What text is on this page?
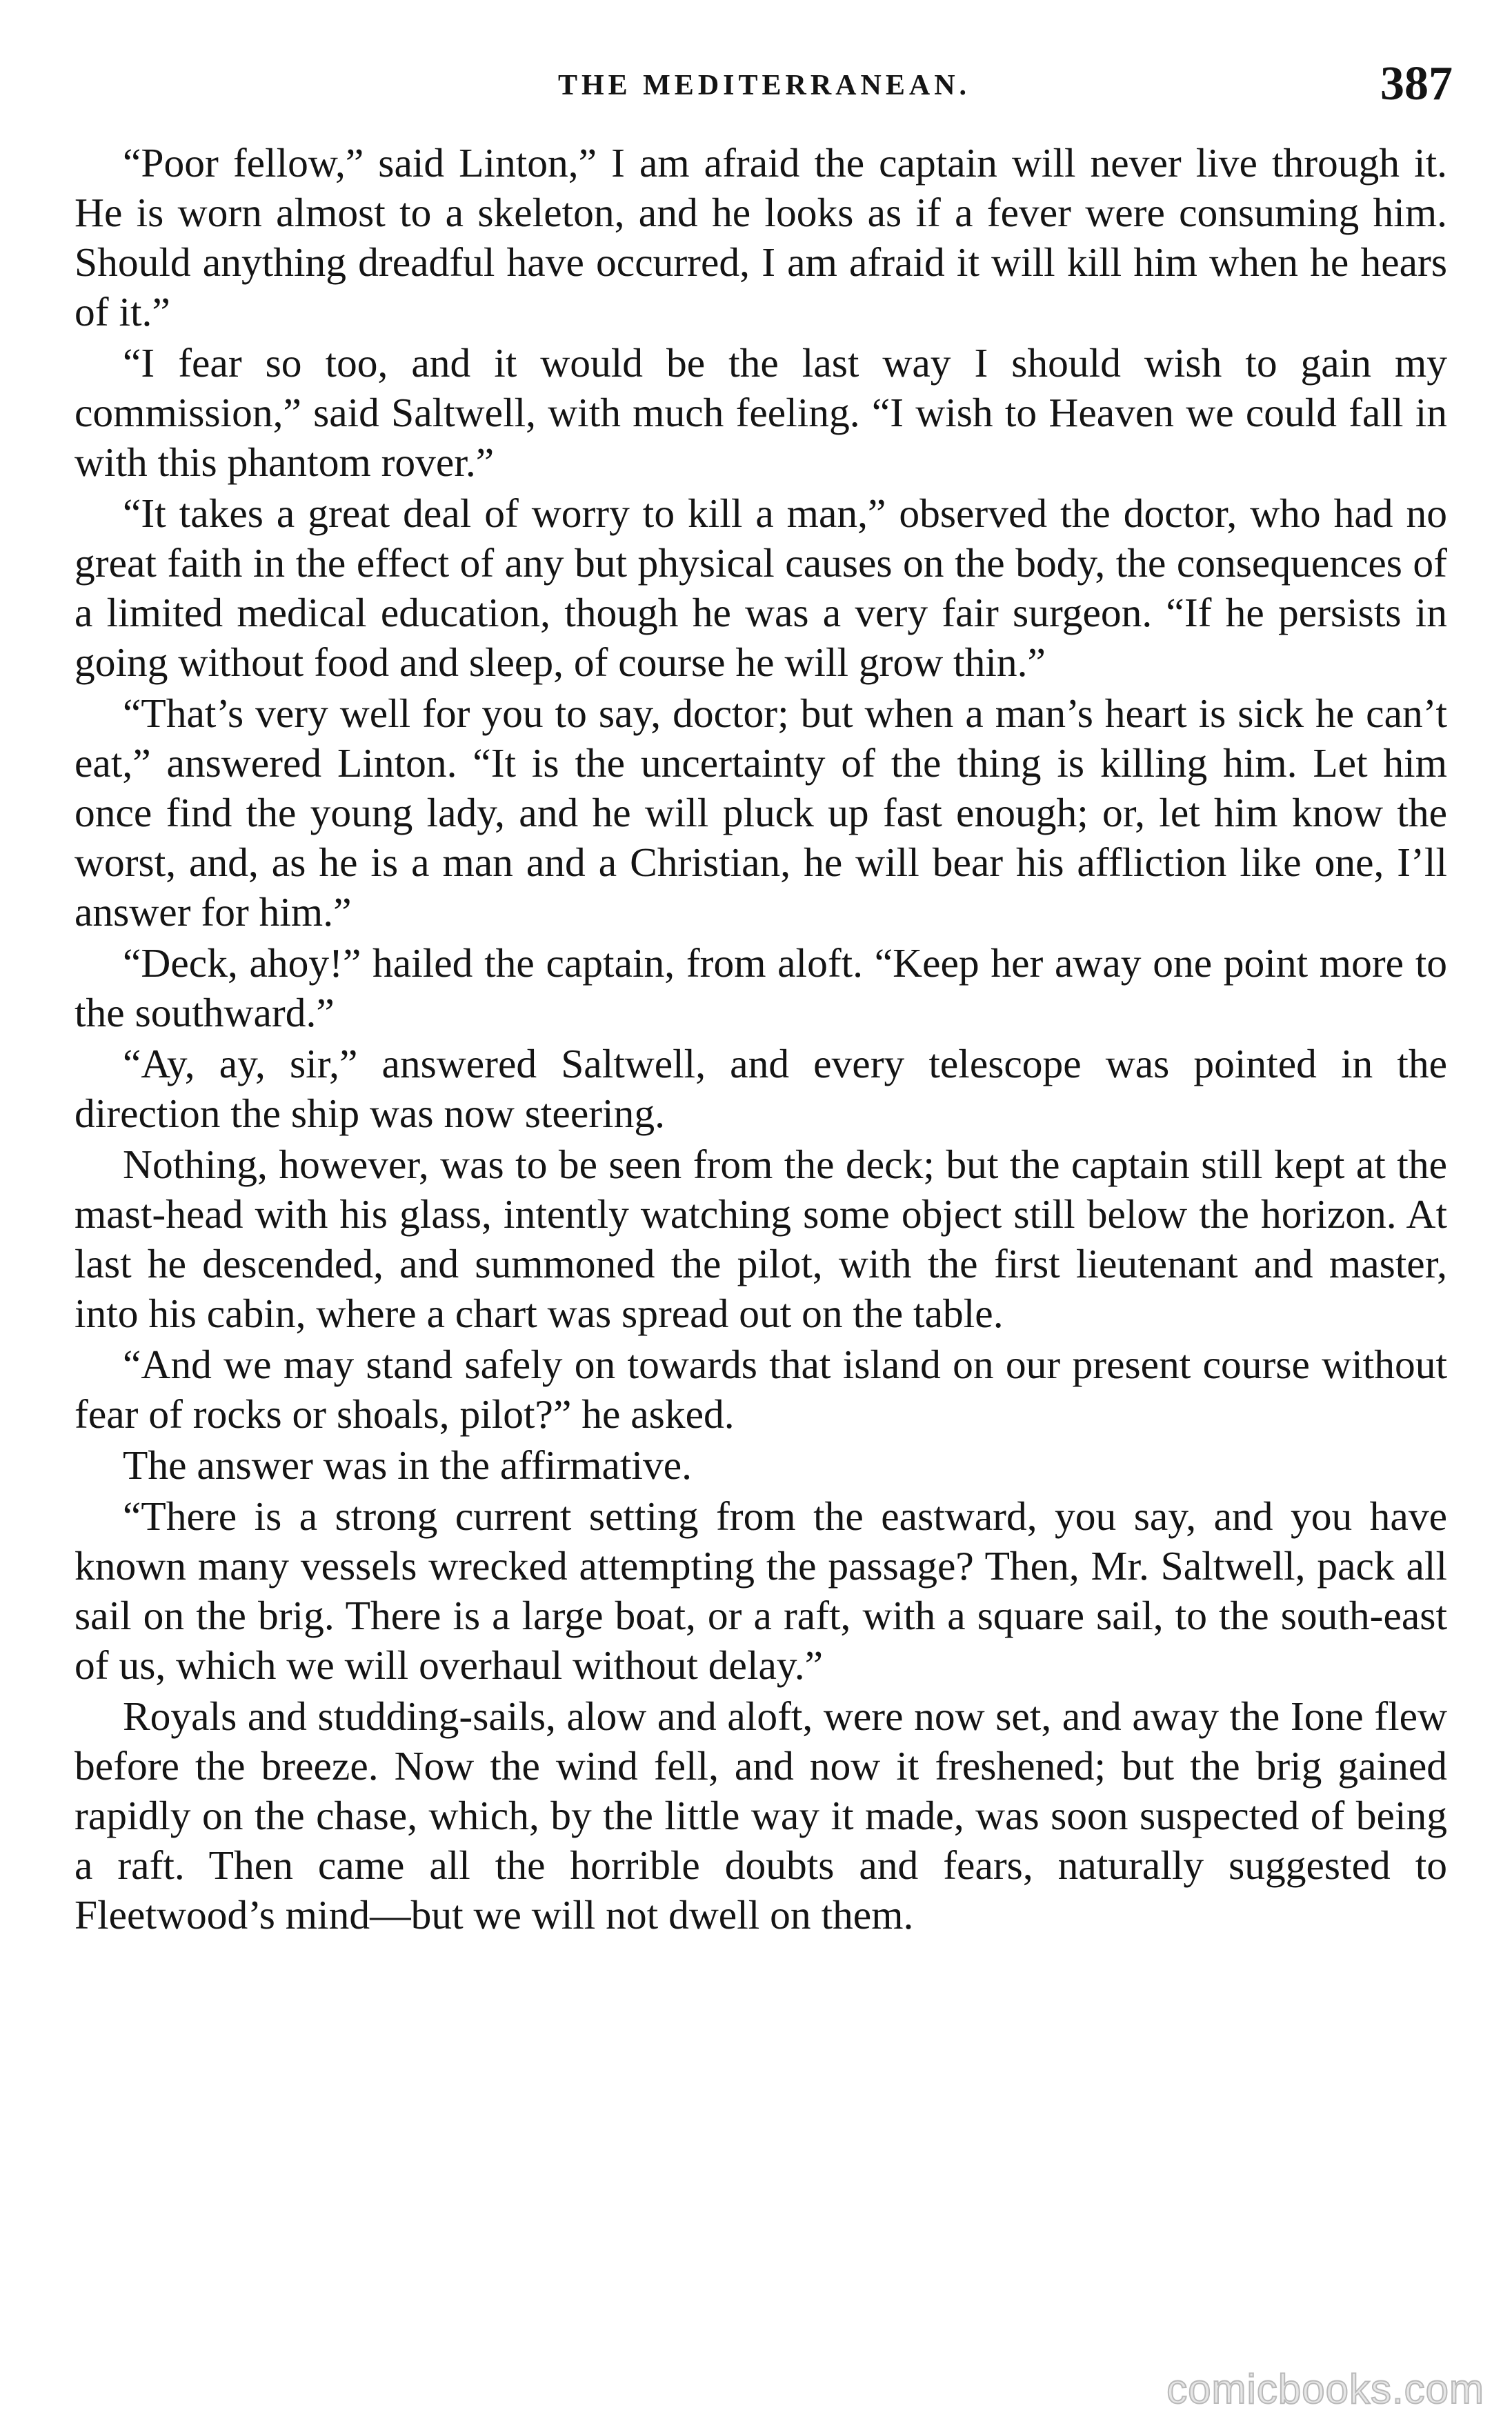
THE MEDITERRANEAN.	387

“Poor fellow,” said Linton,” I am afraid the captain will never live through it. He is worn almost to a skeleton, and he looks as if a fever were consuming him. Should anything dreadful have occurred, I am afraid it will kill him when he hears of it.”

“I fear so too, and it would be the last way I should wish to gain my commission,” said Saltwell, with much feeling. “I wish to Heaven we could fall in with this phantom rover.”

“It takes a great deal of worry to kill a man,” observed the doctor, who had no great faith in the effect of any but physical causes on the body, the consequences of a limited medical education, though he was a very fair surgeon. “If he persists in going without food and sleep, of course he will grow thin.”

“That’s very well for you to say, doctor; but when a man’s heart is sick he can’t eat,” answered Linton. “It is the uncertainty of the thing is killing him. Let him once find the young lady, and he will pluck up fast enough; or, let him know the worst, and, as he is a man and a Christian, he will bear his affliction like one, I’ll answer for him.”

“Deck, ahoy!” hailed the captain, from aloft. “Keep her away one point more to the southward.”

“Ay, ay, sir,” answered Saltwell, and every telescope was pointed in the direction the ship was now steering.

Nothing, however, was to be seen from the deck; but the captain still kept at the mast-head with his glass, intently watching some object still below the horizon. At last he descended, and summoned the pilot, with the first lieutenant and master, into his cabin, where a chart was spread out on the table.

“And we may stand safely on towards that island on our present course without fear of rocks or shoals, pilot?” he asked.

The answer was in the affirmative.

“There is a strong current setting from the eastward, you say, and you have known many vessels wrecked attempting the passage? Then, Mr. Saltwell, pack all sail on the brig. There is a large boat, or a raft, with a square sail, to the south-east of us, which we will overhaul without delay.”

Royals and studding-sails, alow and aloft, were now set, and away the Ione flew before the breeze. Now the wind fell, and now it freshened; but the brig gained rapidly on the chase, which, by the little way it made, was soon suspected of being a raft. Then came all the horrible doubts and fears, naturally suggested to Fleetwood’s mind—but we will not dwell on them.

comicbooks.com
